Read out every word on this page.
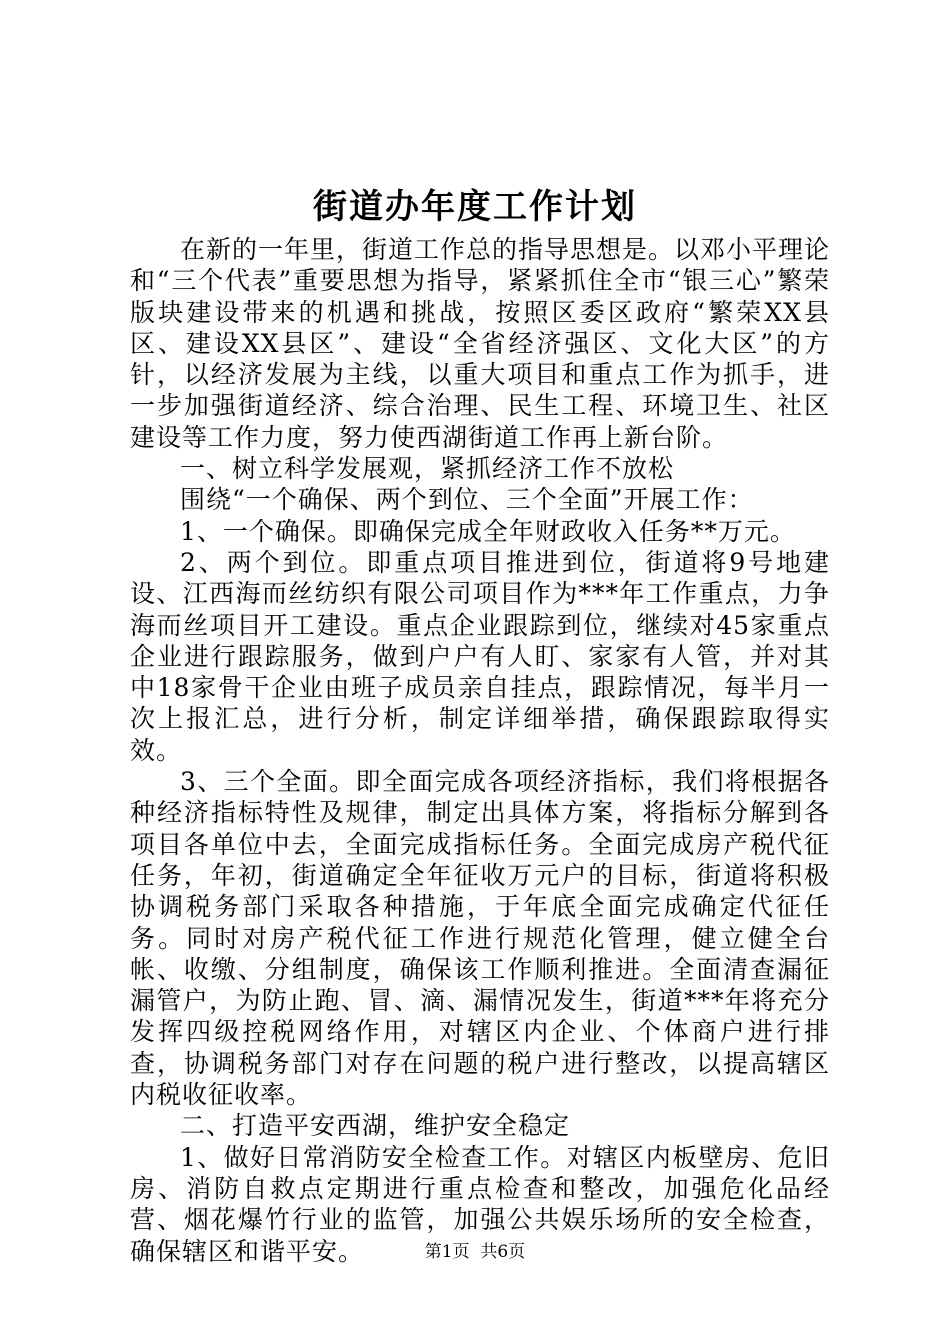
街道办年度工作计划

在新的一年里，街道工作总的指导思想是。以邓小平理论和“三个代表”重要思想为指导，紧紧抓住全市“银三心”繁荣版块建设带来的机遇和挑战，按照区委区政府“繁荣XX县区、建设XX县区”、建设“全省经济强区、文化大区”的方针，以经济发展为主线，以重大项目和重点工作为抓手，进一步加强街道经济、综合治理、民生工程、环境卫生、社区建设等工作力度，努力使西湖街道工作再上新台阶。

一、树立科学发展观，紧抓经济工作不放松

围绕“一个确保、两个到位、三个全面”开展工作：

1、一个确保。即确保完成全年财政收入任务**万元。

2、两个到位。即重点项目推进到位，街道将9号地建设、江西海而丝纺织有限公司项目作为***年工作重点，力争海而丝项目开工建设。重点企业跟踪到位，继续对45家重点企业进行跟踪服务，做到户户有人盯、家家有人管，并对其中18家骨干企业由班子成员亲自挂点，跟踪情况，每半月一次上报汇总，进行分析，制定详细举措，确保跟踪取得实效。

3、三个全面。即全面完成各项经济指标，我们将根据各种经济指标特性及规律，制定出具体方案，将指标分解到各项目各单位中去，全面完成指标任务。全面完成房产税代征任务，年初，街道确定全年征收万元户的目标，街道将积极协调税务部门采取各种措施，于年底全面完成确定代征任务。同时对房产税代征工作进行规范化管理，健立健全台帐、收缴、分组制度，确保该工作顺利推进。全面清查漏征漏管户，为防止跑、冒、滴、漏情况发生，街道***年将充分发挥四级控税网络作用，对辖区内企业、个体商户进行排查，协调税务部门对存在问题的税户进行整改，以提高辖区内税收征收率。

二、打造平安西湖，维护安全稳定

1、做好日常消防安全检查工作。对辖区内板壁房、危旧房、消防自救点定期进行重点检查和整改，加强危化品经营、烟花爆竹行业的监管，加强公共娱乐场所的安全检查，确保辖区和谐平安。	第1页 共6页
